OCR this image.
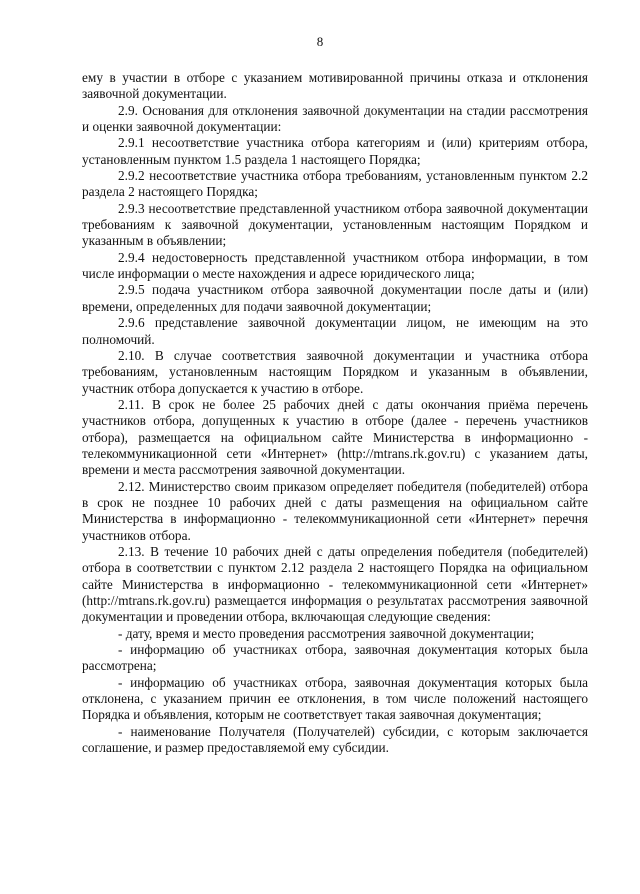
8

ему в участии в отборе с указанием мотивированной причины отказа и отклонения заявочной документации.

2.9. Основания для отклонения заявочной документации на стадии рассмотрения и оценки заявочной документации:

2.9.1 несоответствие участника отбора категориям и (или) критериям отбора, установленным пунктом 1.5 раздела 1 настоящего Порядка;

2.9.2 несоответствие участника отбора требованиям, установленным пунктом 2.2 раздела 2 настоящего Порядка;

2.9.3 несоответствие представленной участником отбора заявочной документации требованиям к заявочной документации, установленным настоящим Порядком и указанным в объявлении;

2.9.4 недостоверность представленной участником отбора информации, в том числе информации о месте нахождения и адресе юридического лица;

2.9.5 подача участником отбора заявочной документации после даты и (или) времени, определенных для подачи заявочной документации;

2.9.6 представление заявочной документации лицом, не имеющим на это полномочий.

2.10. В случае соответствия заявочной документации и участника отбора требованиям, установленным настоящим Порядком и указанным в объявлении, участник отбора допускается к участию в отборе.

2.11. В срок не более 25 рабочих дней с даты окончания приёма перечень участников отбора, допущенных к участию в отборе (далее - перечень участников отбора), размещается на официальном сайте Министерства в информационно - телекоммуникационной сети «Интернет» (http://mtrans.rk.gov.ru) с указанием даты, времени и места рассмотрения заявочной документации.

2.12. Министерство своим приказом определяет победителя (победителей) отбора в срок не позднее 10 рабочих дней с даты размещения на официальном сайте Министерства в информационно - телекоммуникационной сети «Интернет» перечня участников отбора.

2.13. В течение 10 рабочих дней с даты определения победителя (победителей) отбора в соответствии с пунктом 2.12 раздела 2 настоящего Порядка на официальном сайте Министерства в информационно - телекоммуникационной сети «Интернет» (http://mtrans.rk.gov.ru) размещается информация о результатах рассмотрения заявочной документации и проведении отбора, включающая следующие сведения:

- дату, время и место проведения рассмотрения заявочной документации;

- информацию об участниках отбора, заявочная документация которых была рассмотрена;

- информацию об участниках отбора, заявочная документация которых была отклонена, с указанием причин ее отклонения, в том числе положений настоящего Порядка и объявления, которым не соответствует такая заявочная документация;

- наименование Получателя (Получателей) субсидии, с которым заключается соглашение, и размер предоставляемой ему субсидии.
